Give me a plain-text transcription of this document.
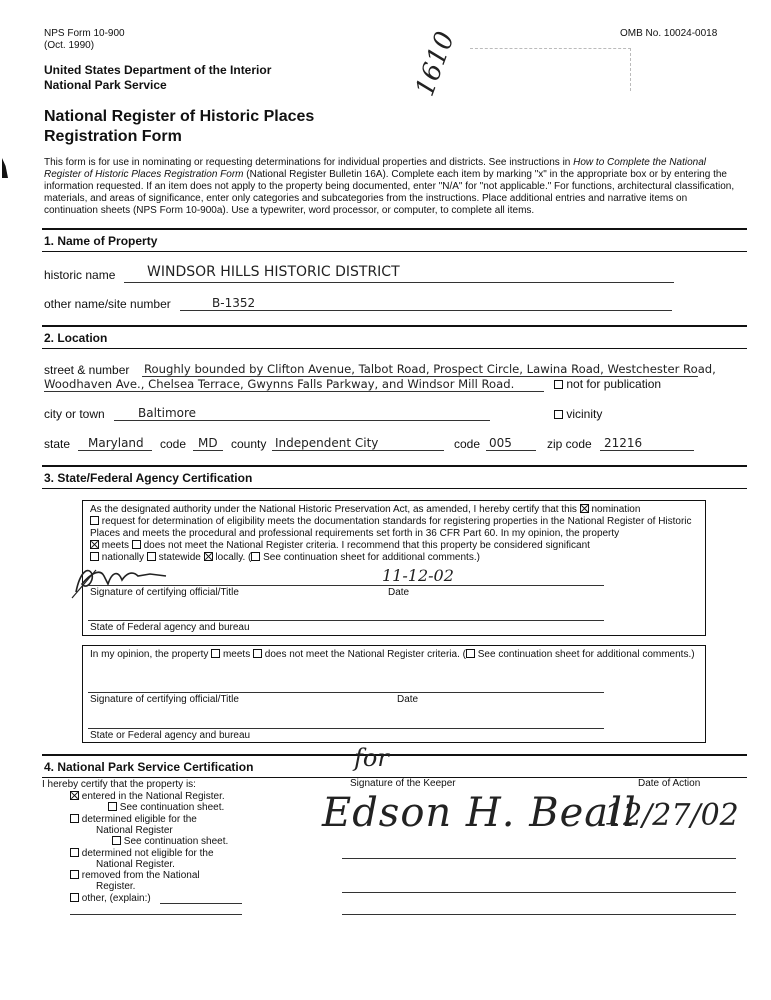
NPS Form 10-900
(Oct. 1990)
OMB No. 10024-0018
United States Department of the Interior
National Park Service
National Register of Historic Places
Registration Form
1610
This form is for use in nominating or requesting determinations for individual properties and districts. See instructions in How to Complete the National Register of Historic Places Registration Form (National Register Bulletin 16A). Complete each item by marking "x" in the appropriate box or by entering the information requested. If an item does not apply to the property being documented, enter "N/A" for "not applicable." For functions, architectural classification, materials, and areas of significance, enter only categories and subcategories from the instructions. Place additional entries and narrative items on continuation sheets (NPS Form 10-900a). Use a typewriter, word processor, or computer, to complete all items.
1. Name of Property
historic name WINDSOR HILLS HISTORIC DISTRICT
other name/site number	B-1352
2. Location
street & number Roughly bounded by Clifton Avenue, Talbot Road, Prospect Circle, Lawina Road, Westchester Road,
Woodhaven Ave., Chelsea Terrace, Gwynns Falls Parkway, and Windsor Mill Road.	not for publication
city or town	Baltimore	vicinity
state Maryland code MD county Independent City	code 005	zip code 21216
3. State/Federal Agency Certification
As the designated authority under the National Historic Preservation Act, as amended, I hereby certify that this nomination
request for determination of eligibility meets the documentation standards for registering properties in the National Register of Historic Places and meets the procedural and professional requirements set forth in 36 CFR Part 60. In my opinion, the property
meets does not meet the National Register criteria. I recommend that this property be considered significant
nationally statewide locally. ( See continuation sheet for additional comments.)
11-12-02
Signature of certifying official/Title	Date
State of Federal agency and bureau
In my opinion, the property meets does not meet the National Register criteria. ( See continuation sheet for additional comments.)
Signature of certifying official/Title	Date
State or Federal agency and bureau
4. National Park Service Certification
I hereby certify that the property is:
entered in the National Register.
See continuation sheet.
determined eligible for the
National Register
See continuation sheet.
determined not eligible for the
National Register.
removed from the National
Register.
other, (explain:)
Signature of the Keeper	Date of Action
for
Edson H. Beall
12/27/02
